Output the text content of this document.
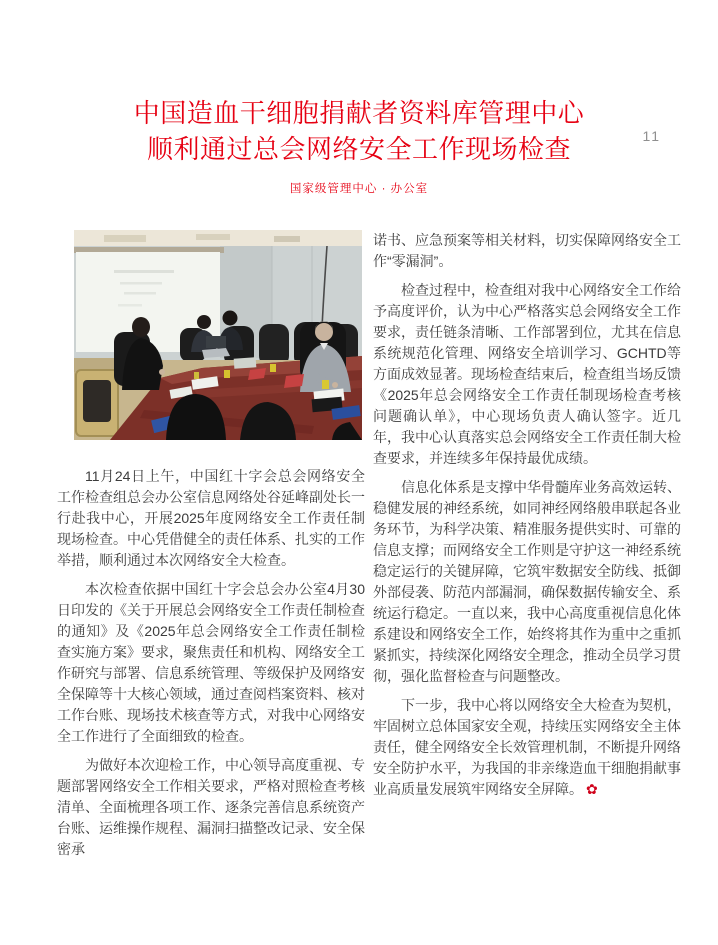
11
中国造血干细胞捐献者资料库管理中心
顺利通过总会网络安全工作现场检查
国家级管理中心 · 办公室

11月24日上午，中国红十字会总会网络安全工作检查组总会办公室信息网络处谷延峰副处长一行赴我中心，开展2025年度网络安全工作责任制现场检查。中心凭借健全的责任体系、扎实的工作举措，顺利通过本次网络安全大检查。

本次检查依据中国红十字会总会办公室4月30日印发的《关于开展总会网络安全工作责任制检查的通知》及《2025年总会网络安全工作责任制检查实施方案》要求，聚焦责任和机构、网络安全工作研究与部署、信息系统管理、等级保护及网络安全保障等十大核心领域，通过查阅档案资料、核对工作台账、现场技术核查等方式，对我中心网络安全工作进行了全面细致的检查。

为做好本次迎检工作，中心领导高度重视、专题部署网络安全工作相关要求，严格对照检查考核清单、全面梳理各项工作、逐条完善信息系统资产台账、运维操作规程、漏洞扫描整改记录、安全保密承

诺书、应急预案等相关材料，切实保障网络安全工作“零漏洞”。

检查过程中，检查组对我中心网络安全工作给予高度评价，认为中心严格落实总会网络安全工作要求，责任链条清晰、工作部署到位，尤其在信息系统规范化管理、网络安全培训学习、GCHTD等方面成效显著。现场检查结束后，检查组当场反馈《2025年总会网络安全工作责任制现场检查考核问题确认单》，中心现场负责人确认签字。近几年，我中心认真落实总会网络安全工作责任制大检查要求，并连续多年保持最优成绩。

信息化体系是支撑中华骨髓库业务高效运转、稳健发展的神经系统，如同神经网络般串联起各业务环节，为科学决策、精准服务提供实时、可靠的信息支撑；而网络安全工作则是守护这一神经系统稳定运行的关键屏障，它筑牢数据安全防线、抵御外部侵袭、防范内部漏洞，确保数据传输安全、系统运行稳定。一直以来，我中心高度重视信息化体系建设和网络安全工作，始终将其作为重中之重抓紧抓实，持续深化网络安全理念，推动全员学习贯彻，强化监督检查与问题整改。

下一步，我中心将以网络安全大检查为契机，牢固树立总体国家安全观，持续压实网络安全主体责任，健全网络安全长效管理机制，不断提升网络安全防护水平，为我国的非亲缘造血干细胞捐献事业高质量发展筑牢网络安全屏障。 ✿
